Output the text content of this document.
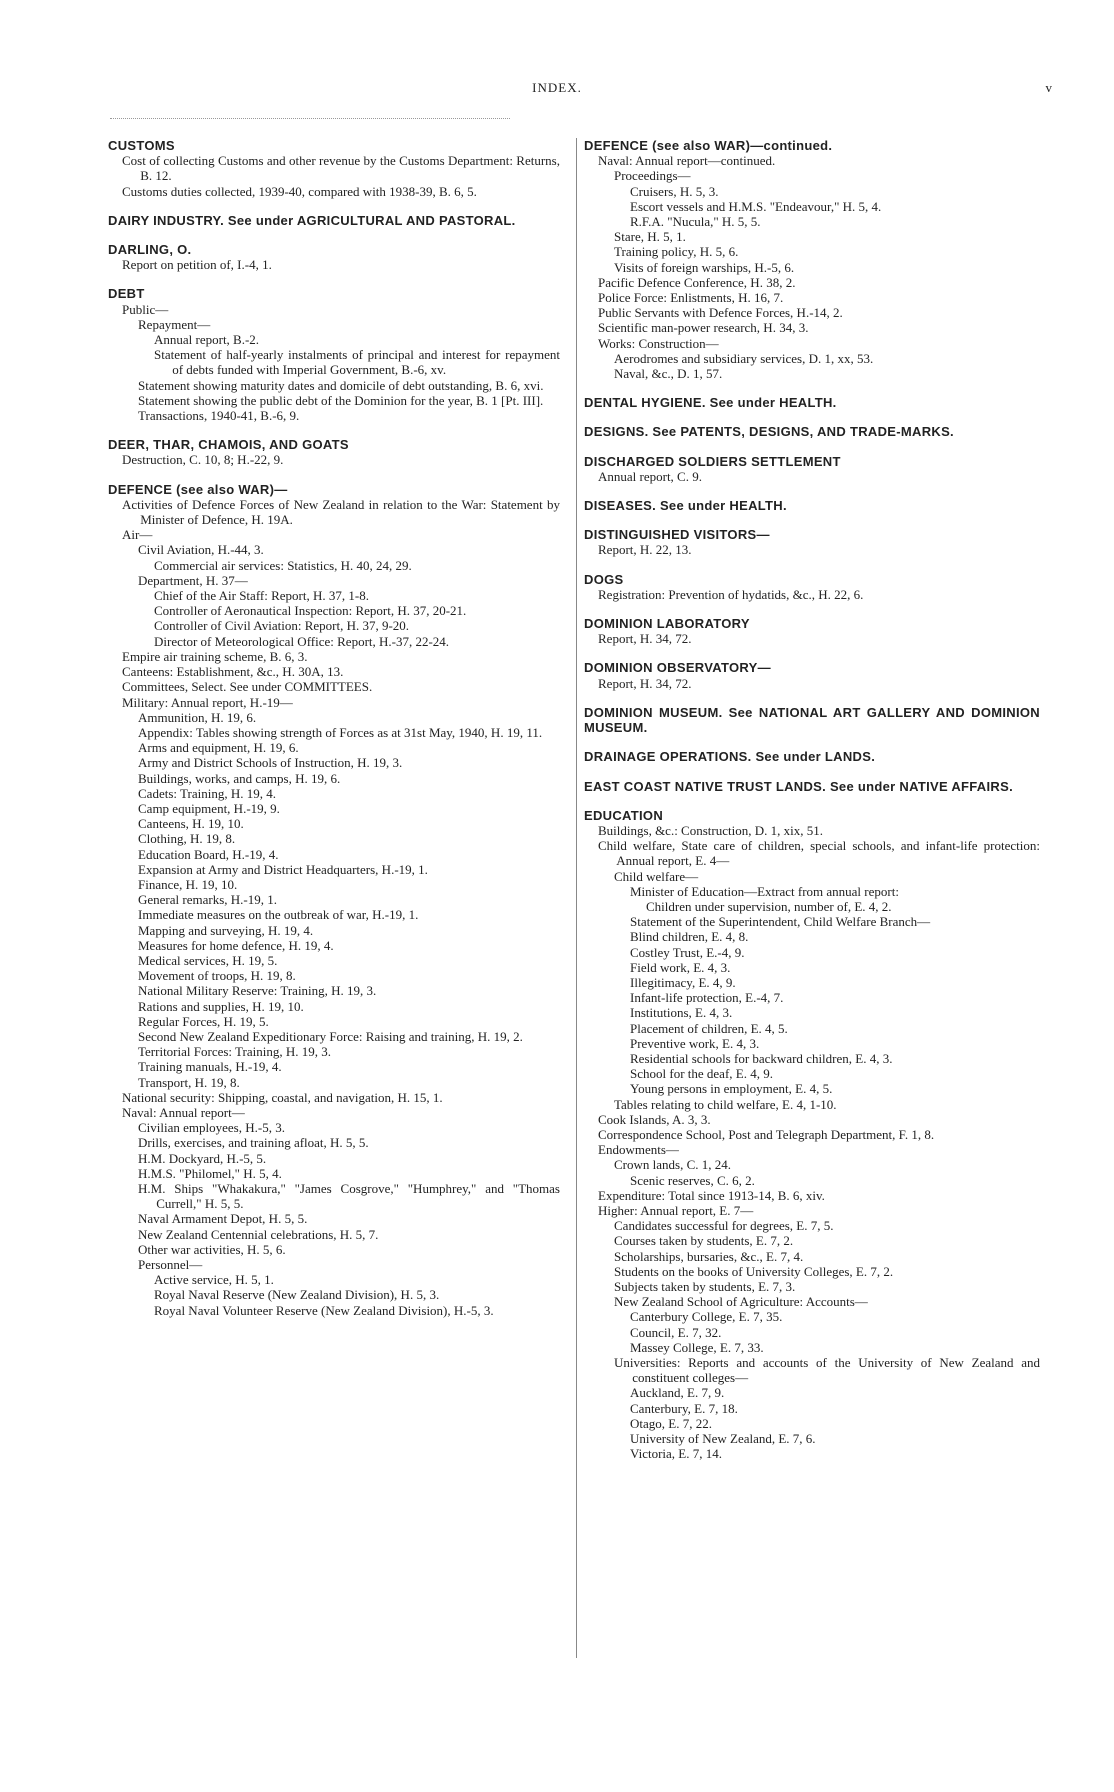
INDEX.	v
CUSTOMS
Cost of collecting Customs and other revenue by the Customs Department: Returns, B. 12.
Customs duties collected, 1939-40, compared with 1938-39, B. 6, 5.
DAIRY INDUSTRY. See under AGRICULTURAL AND PASTORAL.
DARLING, O.
Report on petition of, I.-4, 1.
DEBT
Public—
Repayment—
Annual report, B.-2.
Statement of half-yearly instalments of principal and interest for repayment of debts funded with Imperial Government, B.-6, xv.
Statement showing maturity dates and domicile of debt outstanding, B. 6, xvi.
Statement showing the public debt of the Dominion for the year, B. 1 [Pt. III].
Transactions, 1940-41, B.-6, 9.
DEER, THAR, CHAMOIS, AND GOATS
Destruction, C. 10, 8; H.-22, 9.
DEFENCE (see also WAR)—
Activities of Defence Forces of New Zealand in relation to the War: Statement by Minister of Defence, H. 19A.
Air—
Civil Aviation, H.-44, 3.
Commercial air services: Statistics, H. 40, 24, 29.
Department, H. 37—
Chief of the Air Staff: Report, H. 37, 1-8.
Controller of Aeronautical Inspection: Report, H. 37, 20-21.
Controller of Civil Aviation: Report, H. 37, 9-20.
Director of Meteorological Office: Report, H.-37, 22-24.
Empire air training scheme, B. 6, 3.
Canteens: Establishment, &c., H. 30A, 13.
Committees, Select. See under COMMITTEES.
Military: Annual report, H.-19—
Ammunition, H. 19, 6.
Appendix: Tables showing strength of Forces as at 31st May, 1940, H. 19, 11.
Arms and equipment, H. 19, 6.
Army and District Schools of Instruction, H. 19, 3.
Buildings, works, and camps, H. 19, 6.
Cadets: Training, H. 19, 4.
Camp equipment, H.-19, 9.
Canteens, H. 19, 10.
Clothing, H. 19, 8.
Education Board, H.-19, 4.
Expansion at Army and District Headquarters, H.-19, 1.
Finance, H. 19, 10.
General remarks, H.-19, 1.
Immediate measures on the outbreak of war, H.-19, 1.
Mapping and surveying, H. 19, 4.
Measures for home defence, H. 19, 4.
Medical services, H. 19, 5.
Movement of troops, H. 19, 8.
National Military Reserve: Training, H. 19, 3.
Rations and supplies, H. 19, 10.
Regular Forces, H. 19, 5.
Second New Zealand Expeditionary Force: Raising and training, H. 19, 2.
Territorial Forces: Training, H. 19, 3.
Training manuals, H.-19, 4.
Transport, H. 19, 8.
National security: Shipping, coastal, and navigation, H. 15, 1.
Naval: Annual report—
Civilian employees, H.-5, 3.
Drills, exercises, and training afloat, H. 5, 5.
H.M. Dockyard, H.-5, 5.
H.M.S. "Philomel," H. 5, 4.
H.M. Ships "Whakakura," "James Cosgrove," "Humphrey," and "Thomas Currell," H. 5, 5.
Naval Armament Depot, H. 5, 5.
New Zealand Centennial celebrations, H. 5, 7.
Other war activities, H. 5, 6.
Personnel—
Active service, H. 5, 1.
Royal Naval Reserve (New Zealand Division), H. 5, 3.
Royal Naval Volunteer Reserve (New Zealand Division), H.-5, 3.
DEFENCE (see also WAR)—continued.
Naval: Annual report—continued.
Proceedings—
Cruisers, H. 5, 3.
Escort vessels and H.M.S. "Endeavour," H. 5, 4.
R.F.A. "Nucula," H. 5, 5.
Stare, H. 5, 1.
Training policy, H. 5, 6.
Visits of foreign warships, H.-5, 6.
Pacific Defence Conference, H. 38, 2.
Police Force: Enlistments, H. 16, 7.
Public Servants with Defence Forces, H.-14, 2.
Scientific man-power research, H. 34, 3.
Works: Construction—
Aerodromes and subsidiary services, D. 1, xx, 53.
Naval, &c., D. 1, 57.
DENTAL HYGIENE. See under HEALTH.
DESIGNS. See PATENTS, DESIGNS, AND TRADE-MARKS.
DISCHARGED SOLDIERS SETTLEMENT
Annual report, C. 9.
DISEASES. See under HEALTH.
DISTINGUISHED VISITORS—
Report, H. 22, 13.
DOGS
Registration: Prevention of hydatids, &c., H. 22, 6.
DOMINION LABORATORY
Report, H. 34, 72.
DOMINION OBSERVATORY—
Report, H. 34, 72.
DOMINION MUSEUM. See NATIONAL ART GALLERY AND DOMINION MUSEUM.
DRAINAGE OPERATIONS. See under LANDS.
EAST COAST NATIVE TRUST LANDS. See under NATIVE AFFAIRS.
EDUCATION
Buildings, &c.: Construction, D. 1, xix, 51.
Child welfare, State care of children, special schools, and infant-life protection: Annual report, E. 4—
Child welfare—
Minister of Education—Extract from annual report:
Children under supervision, number of, E. 4, 2.
Statement of the Superintendent, Child Welfare Branch—
Blind children, E. 4, 8.
Costley Trust, E.-4, 9.
Field work, E. 4, 3.
Illegitimacy, E. 4, 9.
Infant-life protection, E.-4, 7.
Institutions, E. 4, 3.
Placement of children, E. 4, 5.
Preventive work, E. 4, 3.
Residential schools for backward children, E. 4, 3.
School for the deaf, E. 4, 9.
Young persons in employment, E. 4, 5.
Tables relating to child welfare, E. 4, 1-10.
Cook Islands, A. 3, 3.
Correspondence School, Post and Telegraph Department, F. 1, 8.
Endowments—
Crown lands, C. 1, 24.
Scenic reserves, C. 6, 2.
Expenditure: Total since 1913-14, B. 6, xiv.
Higher: Annual report, E. 7—
Candidates successful for degrees, E. 7, 5.
Courses taken by students, E. 7, 2.
Scholarships, bursaries, &c., E. 7, 4.
Students on the books of University Colleges, E. 7, 2.
Subjects taken by students, E. 7, 3.
New Zealand School of Agriculture: Accounts—
Canterbury College, E. 7, 35.
Council, E. 7, 32.
Massey College, E. 7, 33.
Universities: Reports and accounts of the University of New Zealand and constituent colleges—
Auckland, E. 7, 9.
Canterbury, E. 7, 18.
Otago, E. 7, 22.
University of New Zealand, E. 7, 6.
Victoria, E. 7, 14.
